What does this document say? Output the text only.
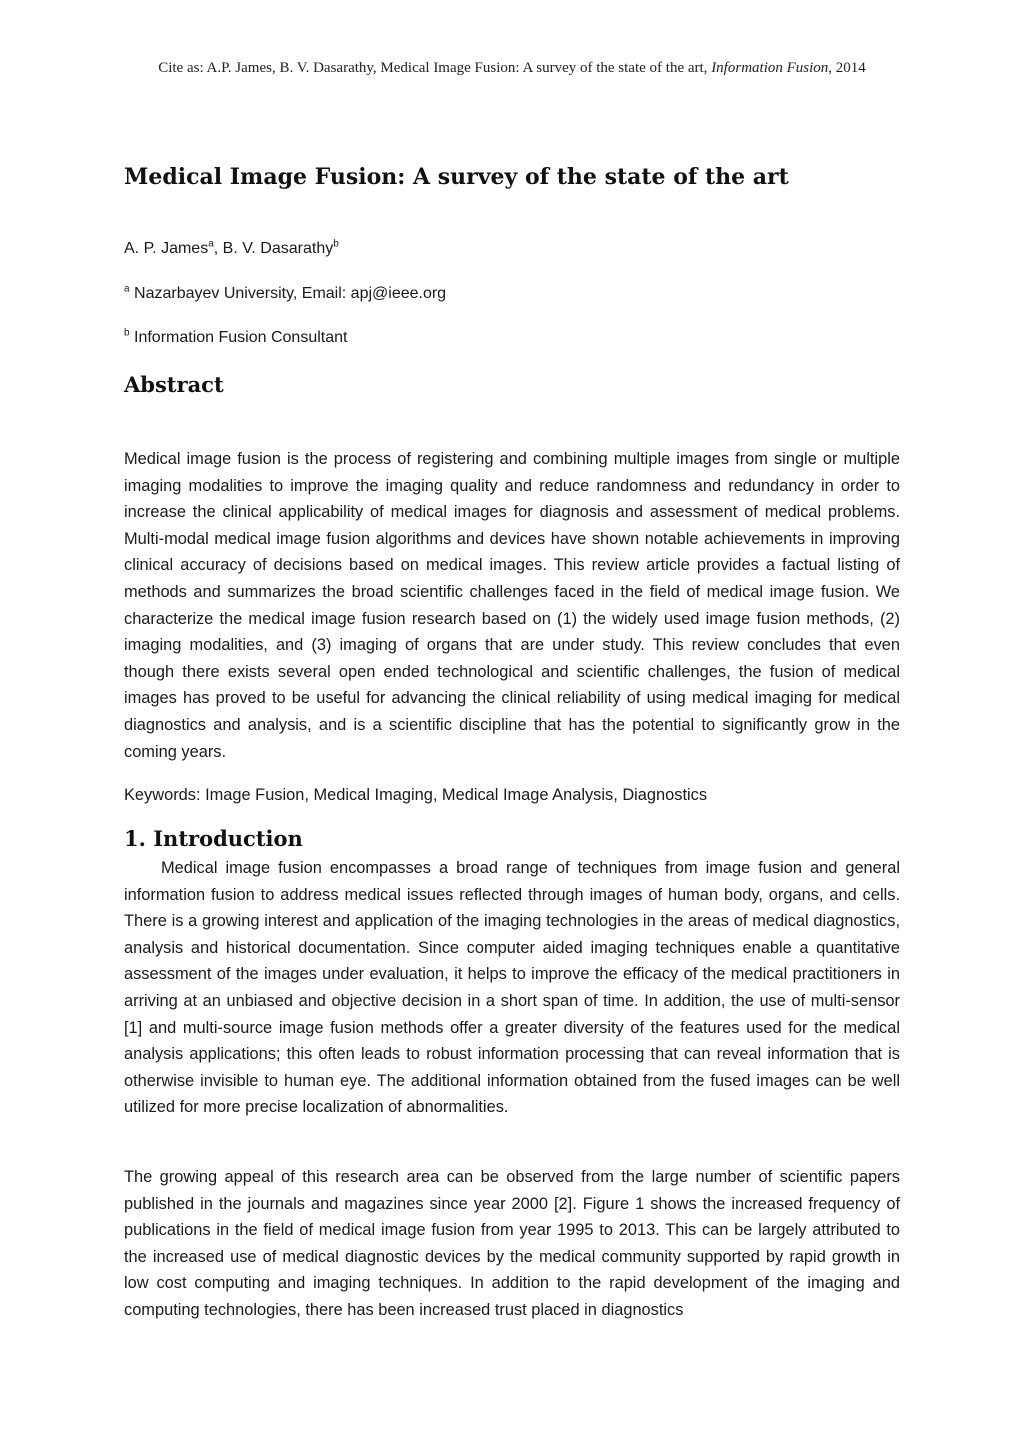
Cite as: A.P. James, B. V. Dasarathy, Medical Image Fusion: A survey of the state of the art, Information Fusion, 2014
Medical Image Fusion: A survey of the state of the art
A. P. James$^a$, B. V. Dasarathy$^b$
$^a$ Nazarbayev University, Email: apj@ieee.org
$^b$ Information Fusion Consultant
Abstract

Medical image fusion is the process of registering and combining multiple images from single or multiple imaging modalities to improve the imaging quality and reduce randomness and redundancy in order to increase the clinical applicability of medical images for diagnosis and assessment of medical problems. Multi-modal medical image fusion algorithms and devices have shown notable achievements in improving clinical accuracy of decisions based on medical images. This review article provides a factual listing of methods and summarizes the broad scientific challenges faced in the field of medical image fusion. We characterize the medical image fusion research based on (1) the widely used image fusion methods, (2) imaging modalities, and (3) imaging of organs that are under study. This review concludes that even though there exists several open ended technological and scientific challenges, the fusion of medical images has proved to be useful for advancing the clinical reliability of using medical imaging for medical diagnostics and analysis, and is a scientific discipline that has the potential to significantly grow in the coming years.

Keywords: Image Fusion, Medical Imaging, Medical Image Analysis, Diagnostics

1. Introduction

Medical image fusion encompasses a broad range of techniques from image fusion and general information fusion to address medical issues reflected through images of human body, organs, and cells. There is a growing interest and application of the imaging technologies in the areas of medical diagnostics, analysis and historical documentation. Since computer aided imaging techniques enable a quantitative assessment of the images under evaluation, it helps to improve the efficacy of the medical practitioners in arriving at an unbiased and objective decision in a short span of time. In addition, the use of multi-sensor [1] and multi-source image fusion methods offer a greater diversity of the features used for the medical analysis applications; this often leads to robust information processing that can reveal information that is otherwise invisible to human eye. The additional information obtained from the fused images can be well utilized for more precise localization of abnormalities.

The growing appeal of this research area can be observed from the large number of scientific papers published in the journals and magazines since year 2000 [2]. Figure 1 shows the increased frequency of publications in the field of medical image fusion from year 1995 to 2013. This can be largely attributed to the increased use of medical diagnostic devices by the medical community supported by rapid growth in low cost computing and imaging techniques. In addition to the rapid development of the imaging and computing technologies, there has been increased trust placed in diagnostics
